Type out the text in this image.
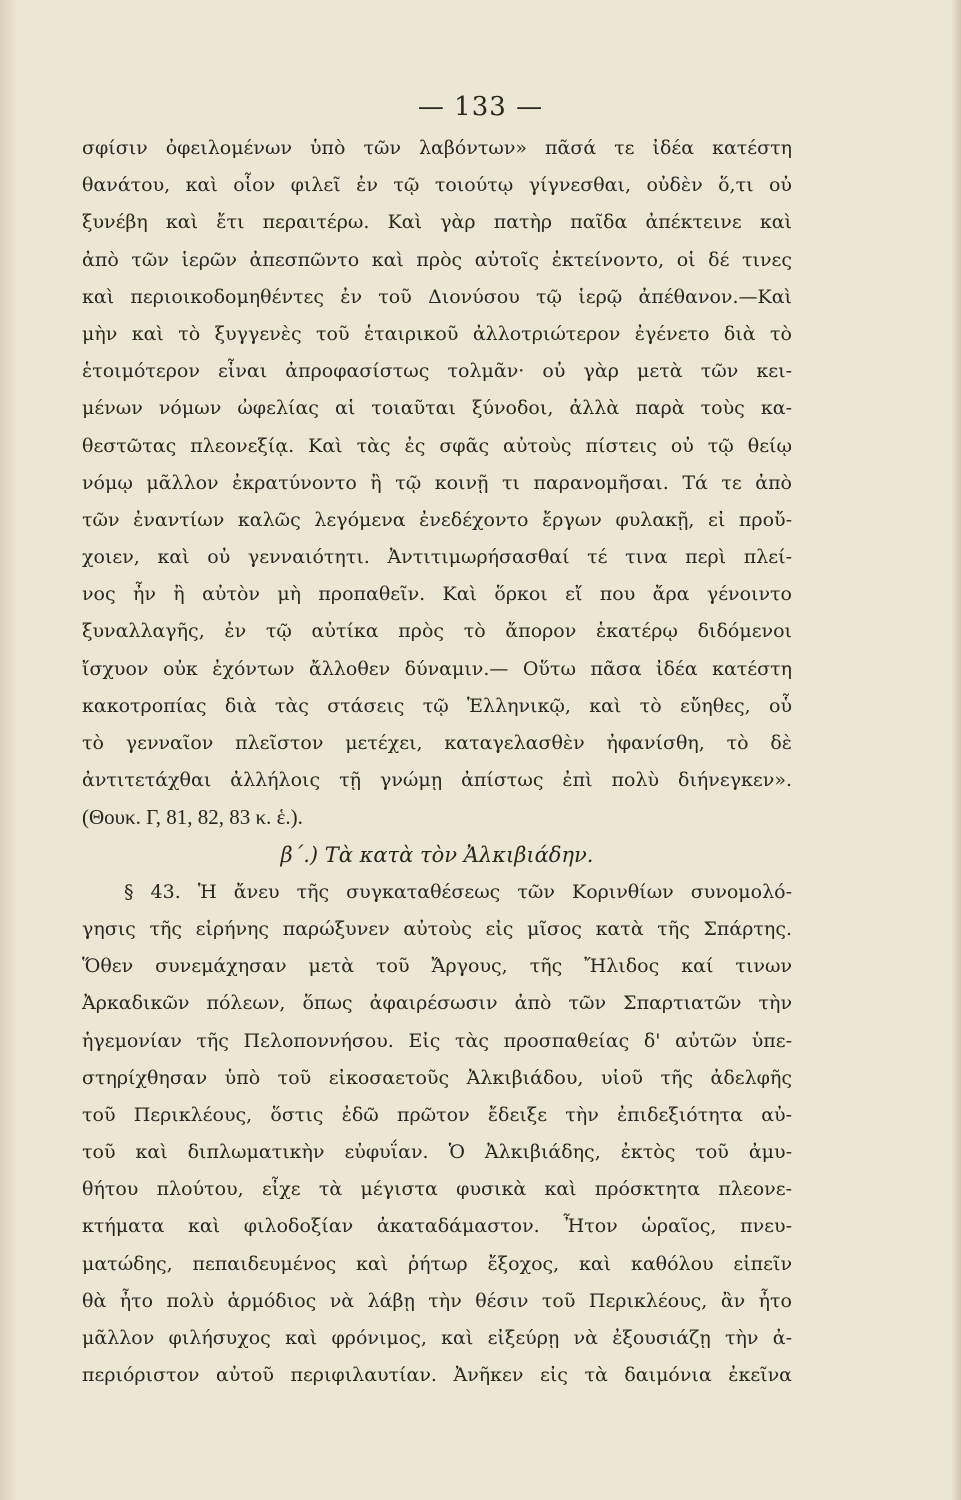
— 133 —
σφίσιν ὀφειλομένων ὑπὸ τῶν λαβόντων» πᾶσά τε ἰδέα κατέστη
θανάτου, καὶ οἷον φιλεῖ ἐν τῷ τοιούτῳ γίγνεσθαι, οὐδὲν ὅ,τι οὐ
ξυνέβη καὶ ἔτι περαιτέρω. Καὶ γὰρ πατὴρ παῖδα ἀπέκτεινε καὶ
ἀπὸ τῶν ἱερῶν ἀπεσπῶντο καὶ πρὸς αὐτοῖς ἐκτείνοντο, οἱ δέ τινες
καὶ περιοικοδομηθέντες ἐν τοῦ Διονύσου τῷ ἱερῷ ἀπέθανον.—Καὶ
μὴν καὶ τὸ ξυγγενὲς τοῦ ἑταιρικοῦ ἀλλοτριώτερον ἐγένετο διὰ τὸ
ἑτοιμότερον εἶναι ἀπροφασίστως τολμᾶν· οὐ γὰρ μετὰ τῶν κει-
μένων νόμων ὠφελίας αἱ τοιαῦται ξύνοδοι, ἀλλὰ παρὰ τοὺς κα-
θεστῶτας πλεονεξίᾳ. Καὶ τὰς ἐς σφᾶς αὐτοὺς πίστεις οὐ τῷ θείῳ
νόμῳ μᾶλλον ἐκρατύνοντο ἢ τῷ κοινῇ τι παρανομῆσαι. Τά τε ἀπὸ
τῶν ἐναντίων καλῶς λεγόμενα ἐνεδέχοντο ἔργων φυλακῇ, εἰ προὔ-
χοιεν, καὶ οὐ γενναιότητι. Ἀντιτιμωρήσασθαί τέ τινα περὶ πλεί-
νος ἦν ἢ αὐτὸν μὴ προπαθεῖν. Καὶ ὅρκοι εἴ που ἄρα γένοιντο
ξυναλλαγῆς, ἐν τῷ αὐτίκα πρὸς τὸ ἄπορον ἑκατέρῳ διδόμενοι
ἴσχυον οὐκ ἐχόντων ἄλλοθεν δύναμιν.— Οὕτω πᾶσα ἰδέα κατέστη
κακοτροπίας διὰ τὰς στάσεις τῷ Ἑλληνικῷ, καὶ τὸ εὔηθες, οὗ
τὸ γενναῖον πλεῖστον μετέχει, καταγελασθὲν ἠφανίσθη, τὸ δὲ
ἀντιτετάχθαι ἀλλήλοις τῇ γνώμῃ ἀπίστως ἐπὶ πολὺ διήνεγκεν».
(Θουκ. Γ, 81, 82, 83 κ. ἑ.).
β΄.) Τὰ κατὰ τὸν Ἀλκιβιάδην.
§ 43. Ἡ ἄνευ τῆς συγκαταθέσεως τῶν Κορινθίων συνομολό-
γησις τῆς εἰρήνης παρώξυνεν αὐτοὺς εἰς μῖσος κατὰ τῆς Σπάρτης.
Ὅθεν συνεμάχησαν μετὰ τοῦ Ἄργους, τῆς Ἤλιδος καί τινων
Ἀρκαδικῶν πόλεων, ὅπως ἀφαιρέσωσιν ἀπὸ τῶν Σπαρτιατῶν τὴν
ἡγεμονίαν τῆς Πελοποννήσου. Εἰς τὰς προσπαθείας δ' αὐτῶν ὑπε-
στηρίχθησαν ὑπὸ τοῦ εἰκοσαετοῦς Ἀλκιβιάδου, υἱοῦ τῆς ἀδελφῆς
τοῦ Περικλέους, ὅστις ἐδῶ πρῶτον ἔδειξε τὴν ἐπιδεξιότητα αὐ-
τοῦ καὶ διπλωματικὴν εὐφυΐαν. Ὁ Ἀλκιβιάδης, ἐκτὸς τοῦ ἀμυ-
θήτου πλούτου, εἶχε τὰ μέγιστα φυσικὰ καὶ πρόσκτητα πλεονε-
κτήματα καὶ φιλοδοξίαν ἀκαταδάμαστον. Ἦτον ὡραῖος, πνευ-
ματώδης, πεπαιδευμένος καὶ ῥήτωρ ἔξοχος, καὶ καθόλου εἰπεῖν
θὰ ἦτο πολὺ ἁρμόδιος νὰ λάβῃ τὴν θέσιν τοῦ Περικλέους, ἂν ἦτο
μᾶλλον φιλήσυχος καὶ φρόνιμος, καὶ εἰξεύρῃ νὰ ἐξουσιάζῃ τὴν ἀ-
περιόριστον αὐτοῦ περιφιλαυτίαν. Ἀνῆκεν εἰς τὰ δαιμόνια ἐκεῖνα
